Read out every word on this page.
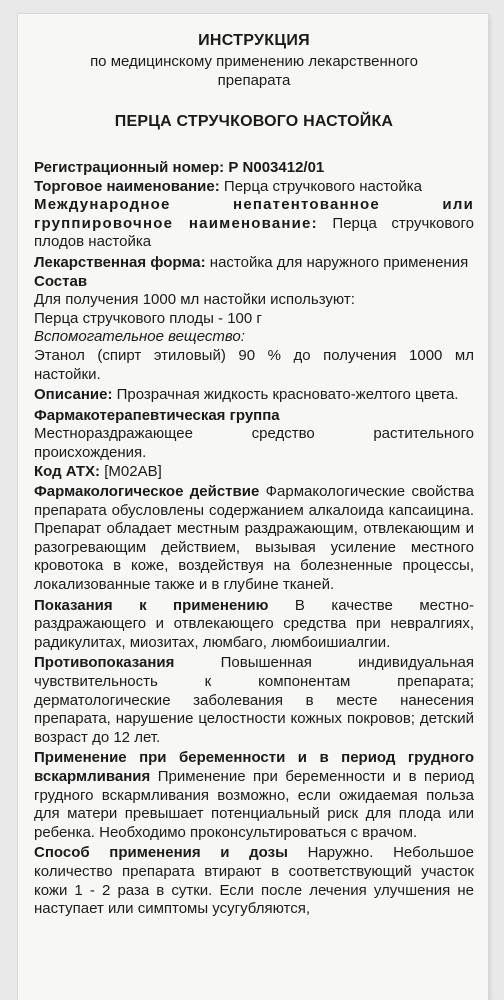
ИНСТРУКЦИЯ
по медицинскому применению лекарственного препарата
ПЕРЦА СТРУЧКОВОГО НАСТОЙКА

Регистрационный номер: Р N003412/01

Торговое наименование: Перца стручкового настойка

Международное непатентованное или группировочное наименование: Перца стручкового плодов настойка

Лекарственная форма: настойка для наружного применения

Состав

Для получения 1000 мл настойки используют:

Перца стручкового плоды - 100 г

Вспомогательное вещество:

Этанол (спирт этиловый) 90 % до получения 1000 мл настойки.

Описание: Прозрачная жидкость красновато-желтого цвета.

Фармакотерапевтическая группа

Местнораздражающее средство растительного происхождения.

Код АТХ: [М02АВ]

Фармакологическое действие Фармакологические свойства препарата обусловлены содержанием алкалоида капсаицина. Препарат обладает местным раздражающим, отвлекающим и разогревающим действием, вызывая усиление местного кровотока в коже, воздействуя на болезненные процессы, локализованные также и в глубине тканей.

Показания к применению В качестве местно-раздражающего и отвлекающего средства при невралгиях, радикулитах, миозитах, люмбаго, люмбоишиалгии.

Противопоказания	Повышенная индивидуальная чувствительность к компонентам препарата; дерматологические заболевания в месте нанесения препарата, нарушение целостности кожных покровов; детский возраст до 12 лет.

Применение при беременности и в период грудного вскармливания Применение при беременности и в период грудного вскармливания возможно, если ожидаемая польза для матери превышает потенциальный риск для плода или ребенка. Необходимо проконсультироваться с врачом.

Способ применения и дозы Наружно. Небольшое количество препарата втирают в соответствующий участок кожи 1 - 2 раза в сутки. Если после лечения улучшения не наступает или симптомы усугубляются,
